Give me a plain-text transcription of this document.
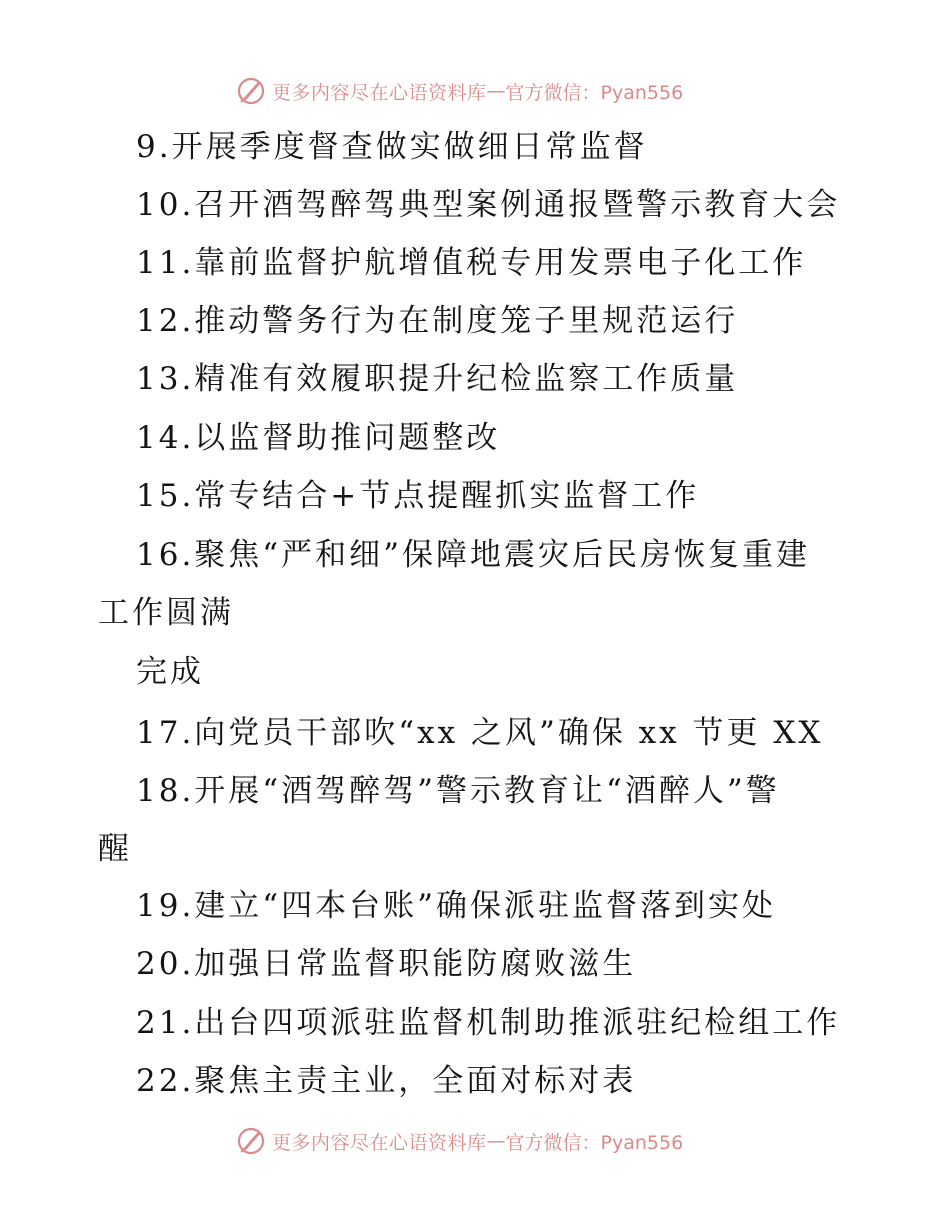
更多内容尽在心语资料库 — 官方微信：Pyan556
9.开展季度督查做实做细日常监督
10.召开酒驾醉驾典型案例通报暨警示教育大会
11.靠前监督护航增值税专用发票电子化工作
12.推动警务行为在制度笼子里规范运行
13.精准有效履职提升纪检监察工作质量
14.以监督助推问题整改
15.常专结合+节点提醒抓实监督工作
16.聚焦“严和细”保障地震灾后民房恢复重建
工作圆满
完成
17.向党员干部吹“xx 之风”确保 xx 节更 XX
18.开展“酒驾醉驾”警示教育让“酒醉人”警
醒
19.建立“四本台账”确保派驻监督落到实处
20.加强日常监督职能防腐败滋生
21.出台四项派驻监督机制助推派驻纪检组工作
22.聚焦主责主业，全面对标对表
更多内容尽在心语资料库 — 官方微信：Pyan556
